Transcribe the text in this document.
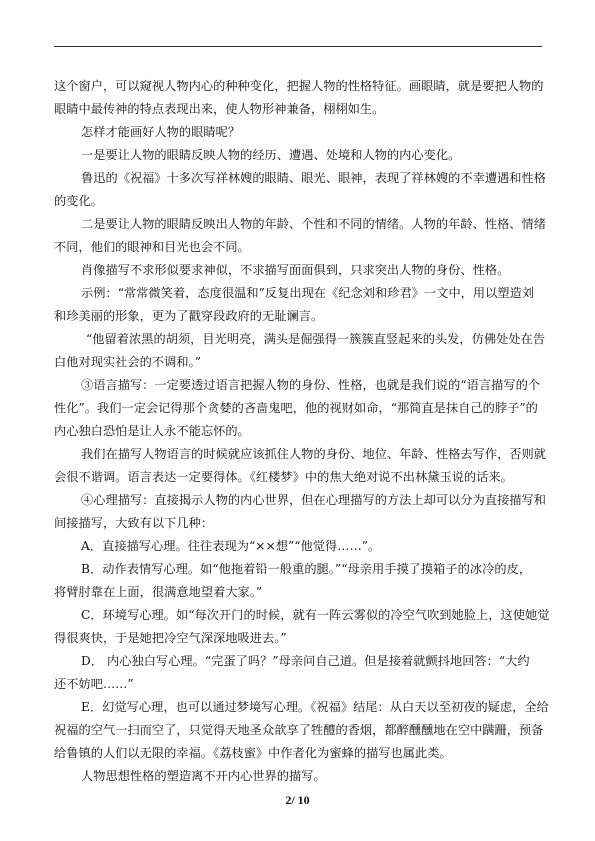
这个窗户，可以窥视人物内心的种种变化，把握人物的性格特征。画眼睛，就是要把人物的
眼睛中最传神的特点表现出来，使人物形神兼备，栩栩如生。
怎样才能画好人物的眼睛呢？
一是要让人物的眼睛反映人物的经历、遭遇、处境和人物的内心变化。
鲁迅的《祝福》十多次写祥林嫂的眼睛、眼光、眼神，表现了祥林嫂的不幸遭遇和性格
的变化。
二是要让人物的眼睛反映出人物的年龄、个性和不同的情绪。人物的年龄、性格、情绪
不同，他们的眼神和目光也会不同。
肖像描写不求形似要求神似，不求描写面面俱到，只求突出人物的身份、性格。
示例：“常常微笑着，态度很温和”反复出现在《纪念刘和珍君》一文中，用以塑造刘
和珍美丽的形象，更为了戳穿段政府的无耻谰言。
“他留着浓黑的胡须，目光明亮，满头是倔强得一簇簇直竖起来的头发，仿佛处处在告
白他对现实社会的不调和。”
③语言描写：一定要透过语言把握人物的身份、性格，也就是我们说的“语言描写的个
性化”。我们一定会记得那个贪婪的吝啬鬼吧，他的视财如命，“那简直是抹自己的脖子”的
内心独白恐怕是让人永不能忘怀的。
我们在描写人物语言的时候就应该抓住人物的身份、地位、年龄、性格去写作，否则就
会很不谐调。语言表达一定要得体。《红楼梦》中的焦大绝对说不出林黛玉说的话来。
④心理描写：直接揭示人物的内心世界，但在心理描写的方法上却可以分为直接描写和
间接描写，大致有以下几种：
A．直接描写心理。往往表现为“××想”“他觉得……”。
B．动作表情写心理。如“他拖着铅一般重的腿。”“母亲用手摸了摸箱子的冰冷的皮，
将臂肘靠在上面，很满意地望着大家。”
C．环境写心理。如“每次开门的时候，就有一阵云雾似的冷空气吹到她脸上，这使她觉
得很爽快，于是她把冷空气深深地吸进去。”
D． 内心独白写心理。“完蛋了吗？”母亲问自己道。但是接着就颤抖地回答：“大约
还不妨吧……”
E．幻觉写心理，也可以通过梦境写心理。《祝福》结尾：从白天以至初夜的疑虑，全给
祝福的空气一扫而空了，只觉得天地圣众歆享了牲醴的香烟，都醉醺醺地在空中蹒跚，预备
给鲁镇的人们以无限的幸福。《荔枝蜜》中作者化为蜜蜂的描写也属此类。
人物思想性格的塑造离不开内心世界的描写。
2/ 10
